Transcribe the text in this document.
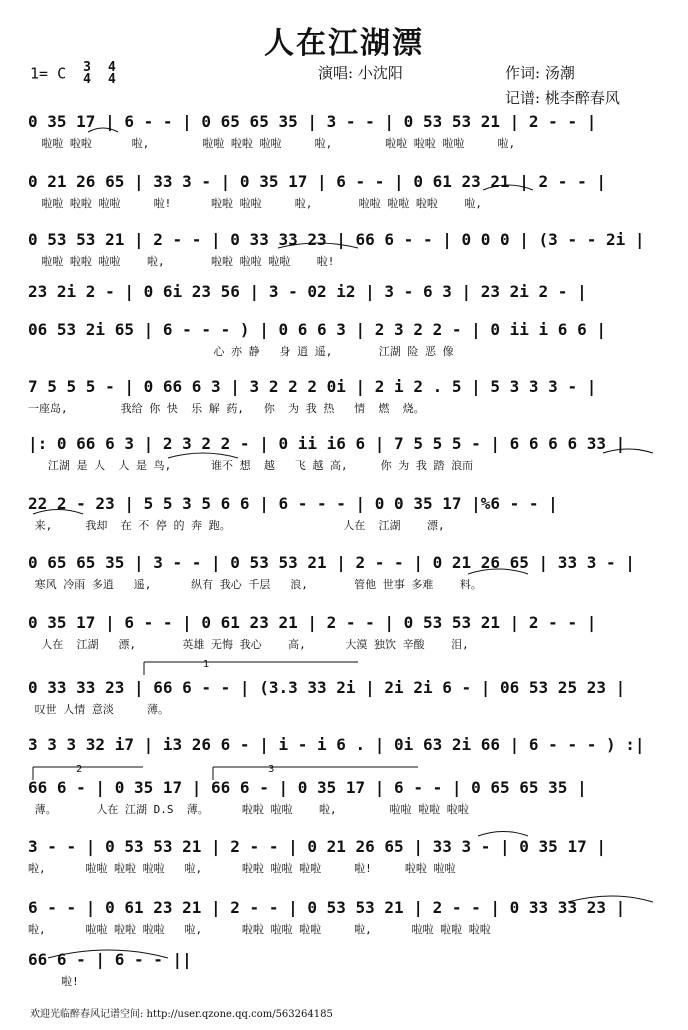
人在江湖漂
1= C 3
4

4
4	演唱: 小沈阳	作词: 汤潮
记谱: 桃李醉春风
0 35 17 | 6 - - | 0 65 65 35 | 3 - - | 0 53 53 21 | 2 - - |
啦啦 啦啦      啦,        啦啦 啦啦 啦啦     啦,        啦啦 啦啦 啦啦     啦,
0 21 26 65 | 33 3 - | 0 35 17 | 6 - - | 0 61 23 21 | 2 - - |
啦啦 啦啦 啦啦     啦!      啦啦 啦啦     啦,       啦啦 啦啦 啦啦    啦,
0 53 53 21 | 2 - - | 0 33 33 23 | 66 6 - - | 0 0 0 | (3 - - 2i |
啦啦 啦啦 啦啦    啦,       啦啦 啦啦 啦啦    啦!
23 2i 2 - | 0 6i 23 56 | 3 - 02 i2 | 3 - 6 3 | 23 2i 2 - |
06 53 2i 65 | 6 - - - ) | 0 6 6 3 | 2 3 2 2 - | 0 ii i 6 6 |
心 亦 静   身 逍 遥,       江湖 险 恶 像
7 5 5 5 - | 0 66 6 3 | 3 2 2 2 0i | 2 i 2 . 5 | 5 3 3 3 - |
一座岛,        我给 你 快  乐 解 药,   你  为 我 热   情  燃  烧。
|: 0 66 6 3 | 2 3 2 2 - | 0 ii i6 6 | 7 5 5 5 - | 6 6 6 6 33 |
江湖 是 人  人 是 鸟,      谁不 想  越   飞 越 高,     你 为 我 踏 浪而
22 2 - 23 | 5 5 3 5 6 6 | 6 - - - | 0 0 35 17 |%6 - - |
来,     我却  在 不 停 的 奔 跑。                 人在  江湖    漂,
0 65 65 35 | 3 - - | 0 53 53 21 | 2 - - | 0 21 26 65 | 33 3 - |
寒风 冷雨 多逍   遥,      纵有 我心 千层   浪,       管他 世事 多难    料。
0 35 17 | 6 - - | 0 61 23 21 | 2 - - | 0 53 53 21 | 2 - - |
人在  江湖   漂,       英雄 无悔 我心    高,      大漠 独饮 辛酸    泪,
0 33 33 23 | 66 6 - - | (3.3 33 2i | 2i 2i 6 - | 06 53 25 23 |
叹世 人情 意淡     薄。
3 3 3 32 i7 | i3 26 6 - | i - i 6 . | 0i 63 2i 66 | 6 - - - ) :|
66 6 - | 0 35 17 | 66 6 - | 0 35 17 | 6 - - | 0 65 65 35 |
薄。      人在 江湖 D.S  薄。     啦啦 啦啦    啦,        啦啦 啦啦 啦啦
3 - - | 0 53 53 21 | 2 - - | 0 21 26 65 | 33 3 - | 0 35 17 |
啦,      啦啦 啦啦 啦啦   啦,      啦啦 啦啦 啦啦     啦!     啦啦 啦啦
6 - - | 0 61 23 21 | 2 - - | 0 53 53 21 | 2 - - | 0 33 33 23 |
啦,      啦啦 啦啦 啦啦   啦,      啦啦 啦啦 啦啦     啦,      啦啦 啦啦 啦啦
66 6 - | 6 - - ||
啦!
1
2	3
欢迎光临醉春风记谱空间: http://user.qzone.qq.com/563264185
